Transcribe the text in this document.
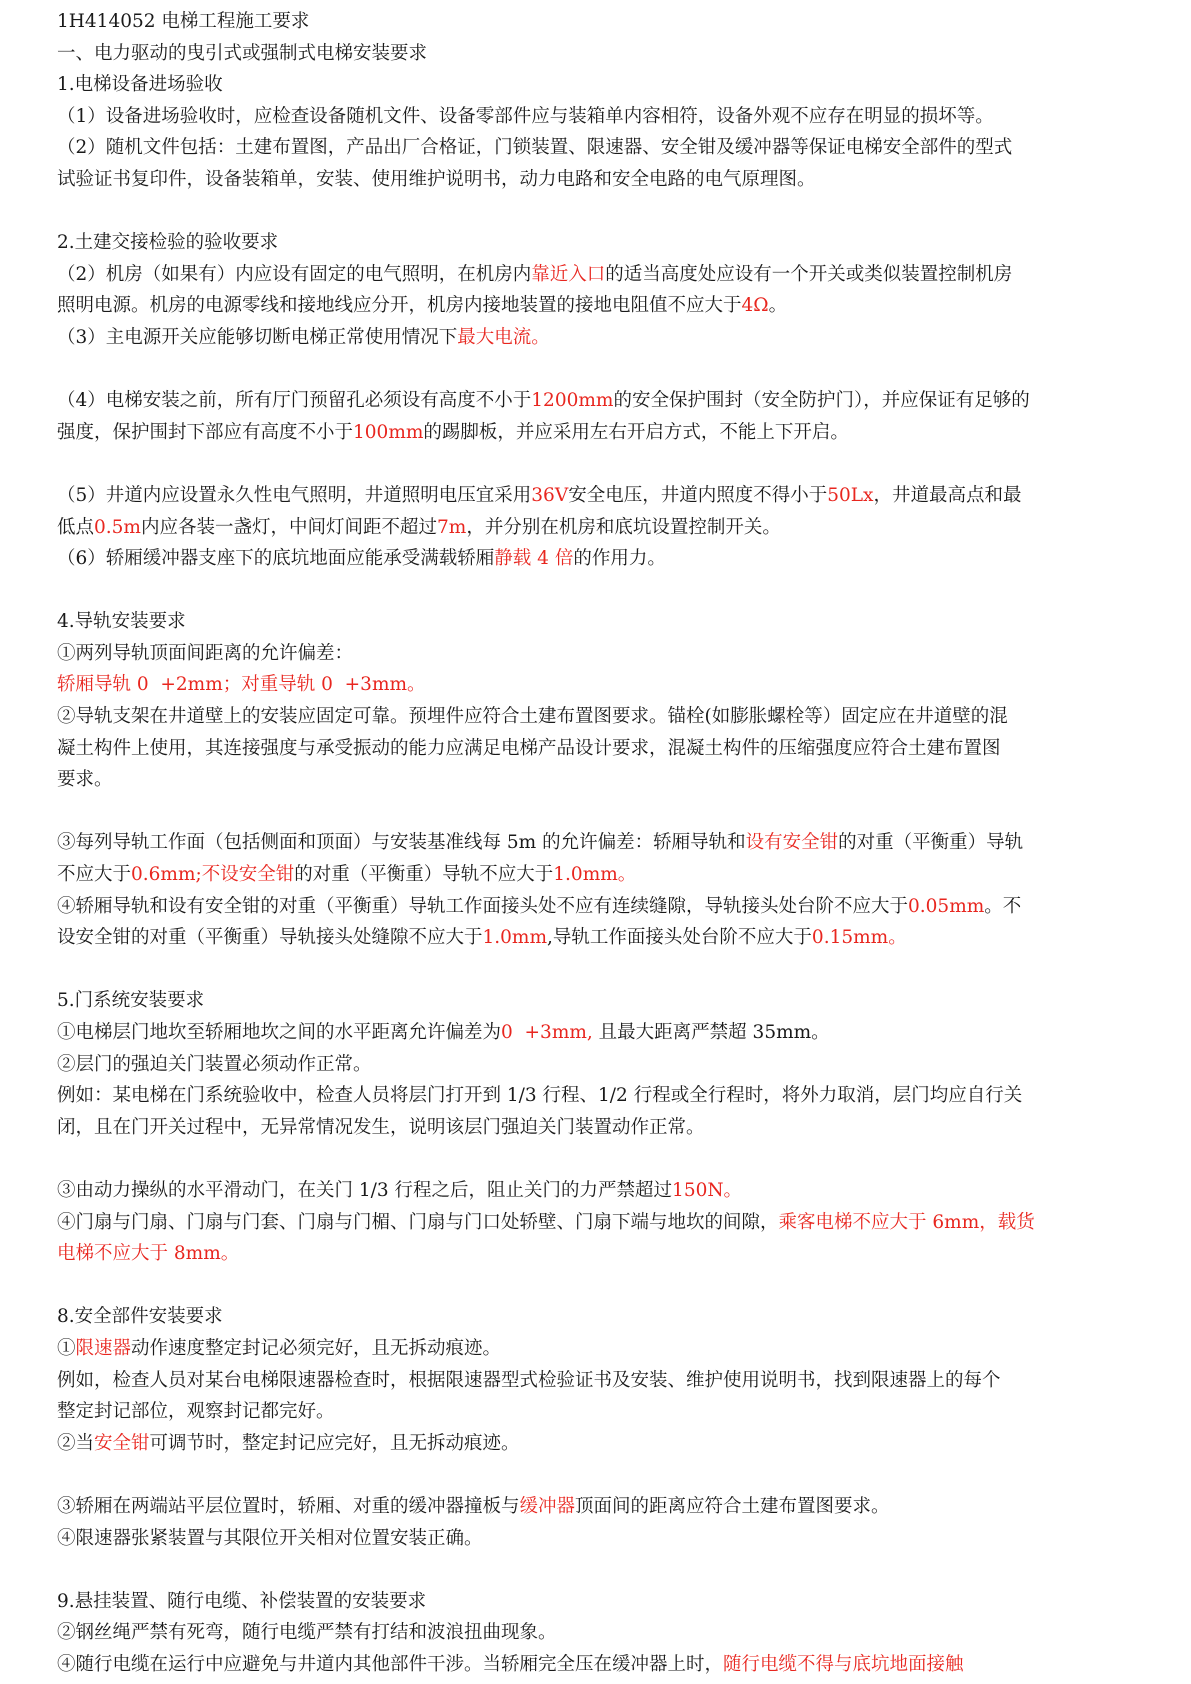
1H414052 电梯工程施工要求
一、电力驱动的曳引式或强制式电梯安装要求
1.电梯设备进场验收
（1）设备进场验收时，应检查设备随机文件、设备零部件应与装箱单内容相符，设备外观不应存在明显的损坏等。
（2）随机文件包括：土建布置图，产品出厂合格证，门锁装置、限速器、安全钳及缓冲器等保证电梯安全部件的型式
试验证书复印件，设备装箱单，安装、使用维护说明书，动力电路和安全电路的电气原理图。
2.土建交接检验的验收要求
（2）机房（如果有）内应设有固定的电气照明，在机房内靠近入口的适当高度处应设有一个开关或类似装置控制机房
照明电源。机房的电源零线和接地线应分开，机房内接地装置的接地电阻值不应大于4Ω。
（3）主电源开关应能够切断电梯正常使用情况下最大电流。
（4）电梯安装之前，所有厅门预留孔必须设有高度不小于1200mm的安全保护围封（安全防护门），并应保证有足够的
强度，保护围封下部应有高度不小于100mm的踢脚板，并应采用左右开启方式，不能上下开启。
（5）井道内应设置永久性电气照明，井道照明电压宜采用36V安全电压，井道内照度不得小于50Lx，井道最高点和最
低点0.5m内应各装一盏灯，中间灯间距不超过7m，并分别在机房和底坑设置控制开关。
（6）轿厢缓冲器支座下的底坑地面应能承受满载轿厢静载 4 倍的作用力。
4.导轨安装要求
①两列导轨顶面间距离的允许偏差：
轿厢导轨 0  +2mm；对重导轨 0  +3mm。
②导轨支架在井道壁上的安装应固定可靠。预埋件应符合土建布置图要求。锚栓(如膨胀螺栓等）固定应在井道壁的混
凝土构件上使用，其连接强度与承受振动的能力应满足电梯产品设计要求，混凝土构件的压缩强度应符合土建布置图
要求。
③每列导轨工作面（包括侧面和顶面）与安装基准线每 5m 的允许偏差：轿厢导轨和设有安全钳的对重（平衡重）导轨
不应大于0.6mm;不设安全钳的对重（平衡重）导轨不应大于1.0mm。
④轿厢导轨和设有安全钳的对重（平衡重）导轨工作面接头处不应有连续缝隙，导轨接头处台阶不应大于0.05mm。不
设安全钳的对重（平衡重）导轨接头处缝隙不应大于1.0mm,导轨工作面接头处台阶不应大于0.15mm。
5.门系统安装要求
①电梯层门地坎至轿厢地坎之间的水平距离允许偏差为0  +3mm, 且最大距离严禁超 35mm。
②层门的强迫关门装置必须动作正常。
例如：某电梯在门系统验收中，检查人员将层门打开到 1/3 行程、1/2 行程或全行程时，将外力取消，层门均应自行关
闭，且在门开关过程中，无异常情况发生，说明该层门强迫关门装置动作正常。
③由动力操纵的水平滑动门，在关门 1/3 行程之后，阻止关门的力严禁超过150N。
④门扇与门扇、门扇与门套、门扇与门楣、门扇与门口处轿壁、门扇下端与地坎的间隙，乘客电梯不应大于 6mm，载货
电梯不应大于 8mm。
8.安全部件安装要求
①限速器动作速度整定封记必须完好，且无拆动痕迹。
例如，检查人员对某台电梯限速器检查时，根据限速器型式检验证书及安装、维护使用说明书，找到限速器上的每个
整定封记部位，观察封记都完好。
②当安全钳可调节时，整定封记应完好，且无拆动痕迹。
③轿厢在两端站平层位置时，轿厢、对重的缓冲器撞板与缓冲器顶面间的距离应符合土建布置图要求。
④限速器张紧装置与其限位开关相对位置安装正确。
9.悬挂装置、随行电缆、补偿装置的安装要求
②钢丝绳严禁有死弯，随行电缆严禁有打结和波浪扭曲现象。
④随行电缆在运行中应避免与井道内其他部件干涉。当轿厢完全压在缓冲器上时，随行电缆不得与底坑地面接触
